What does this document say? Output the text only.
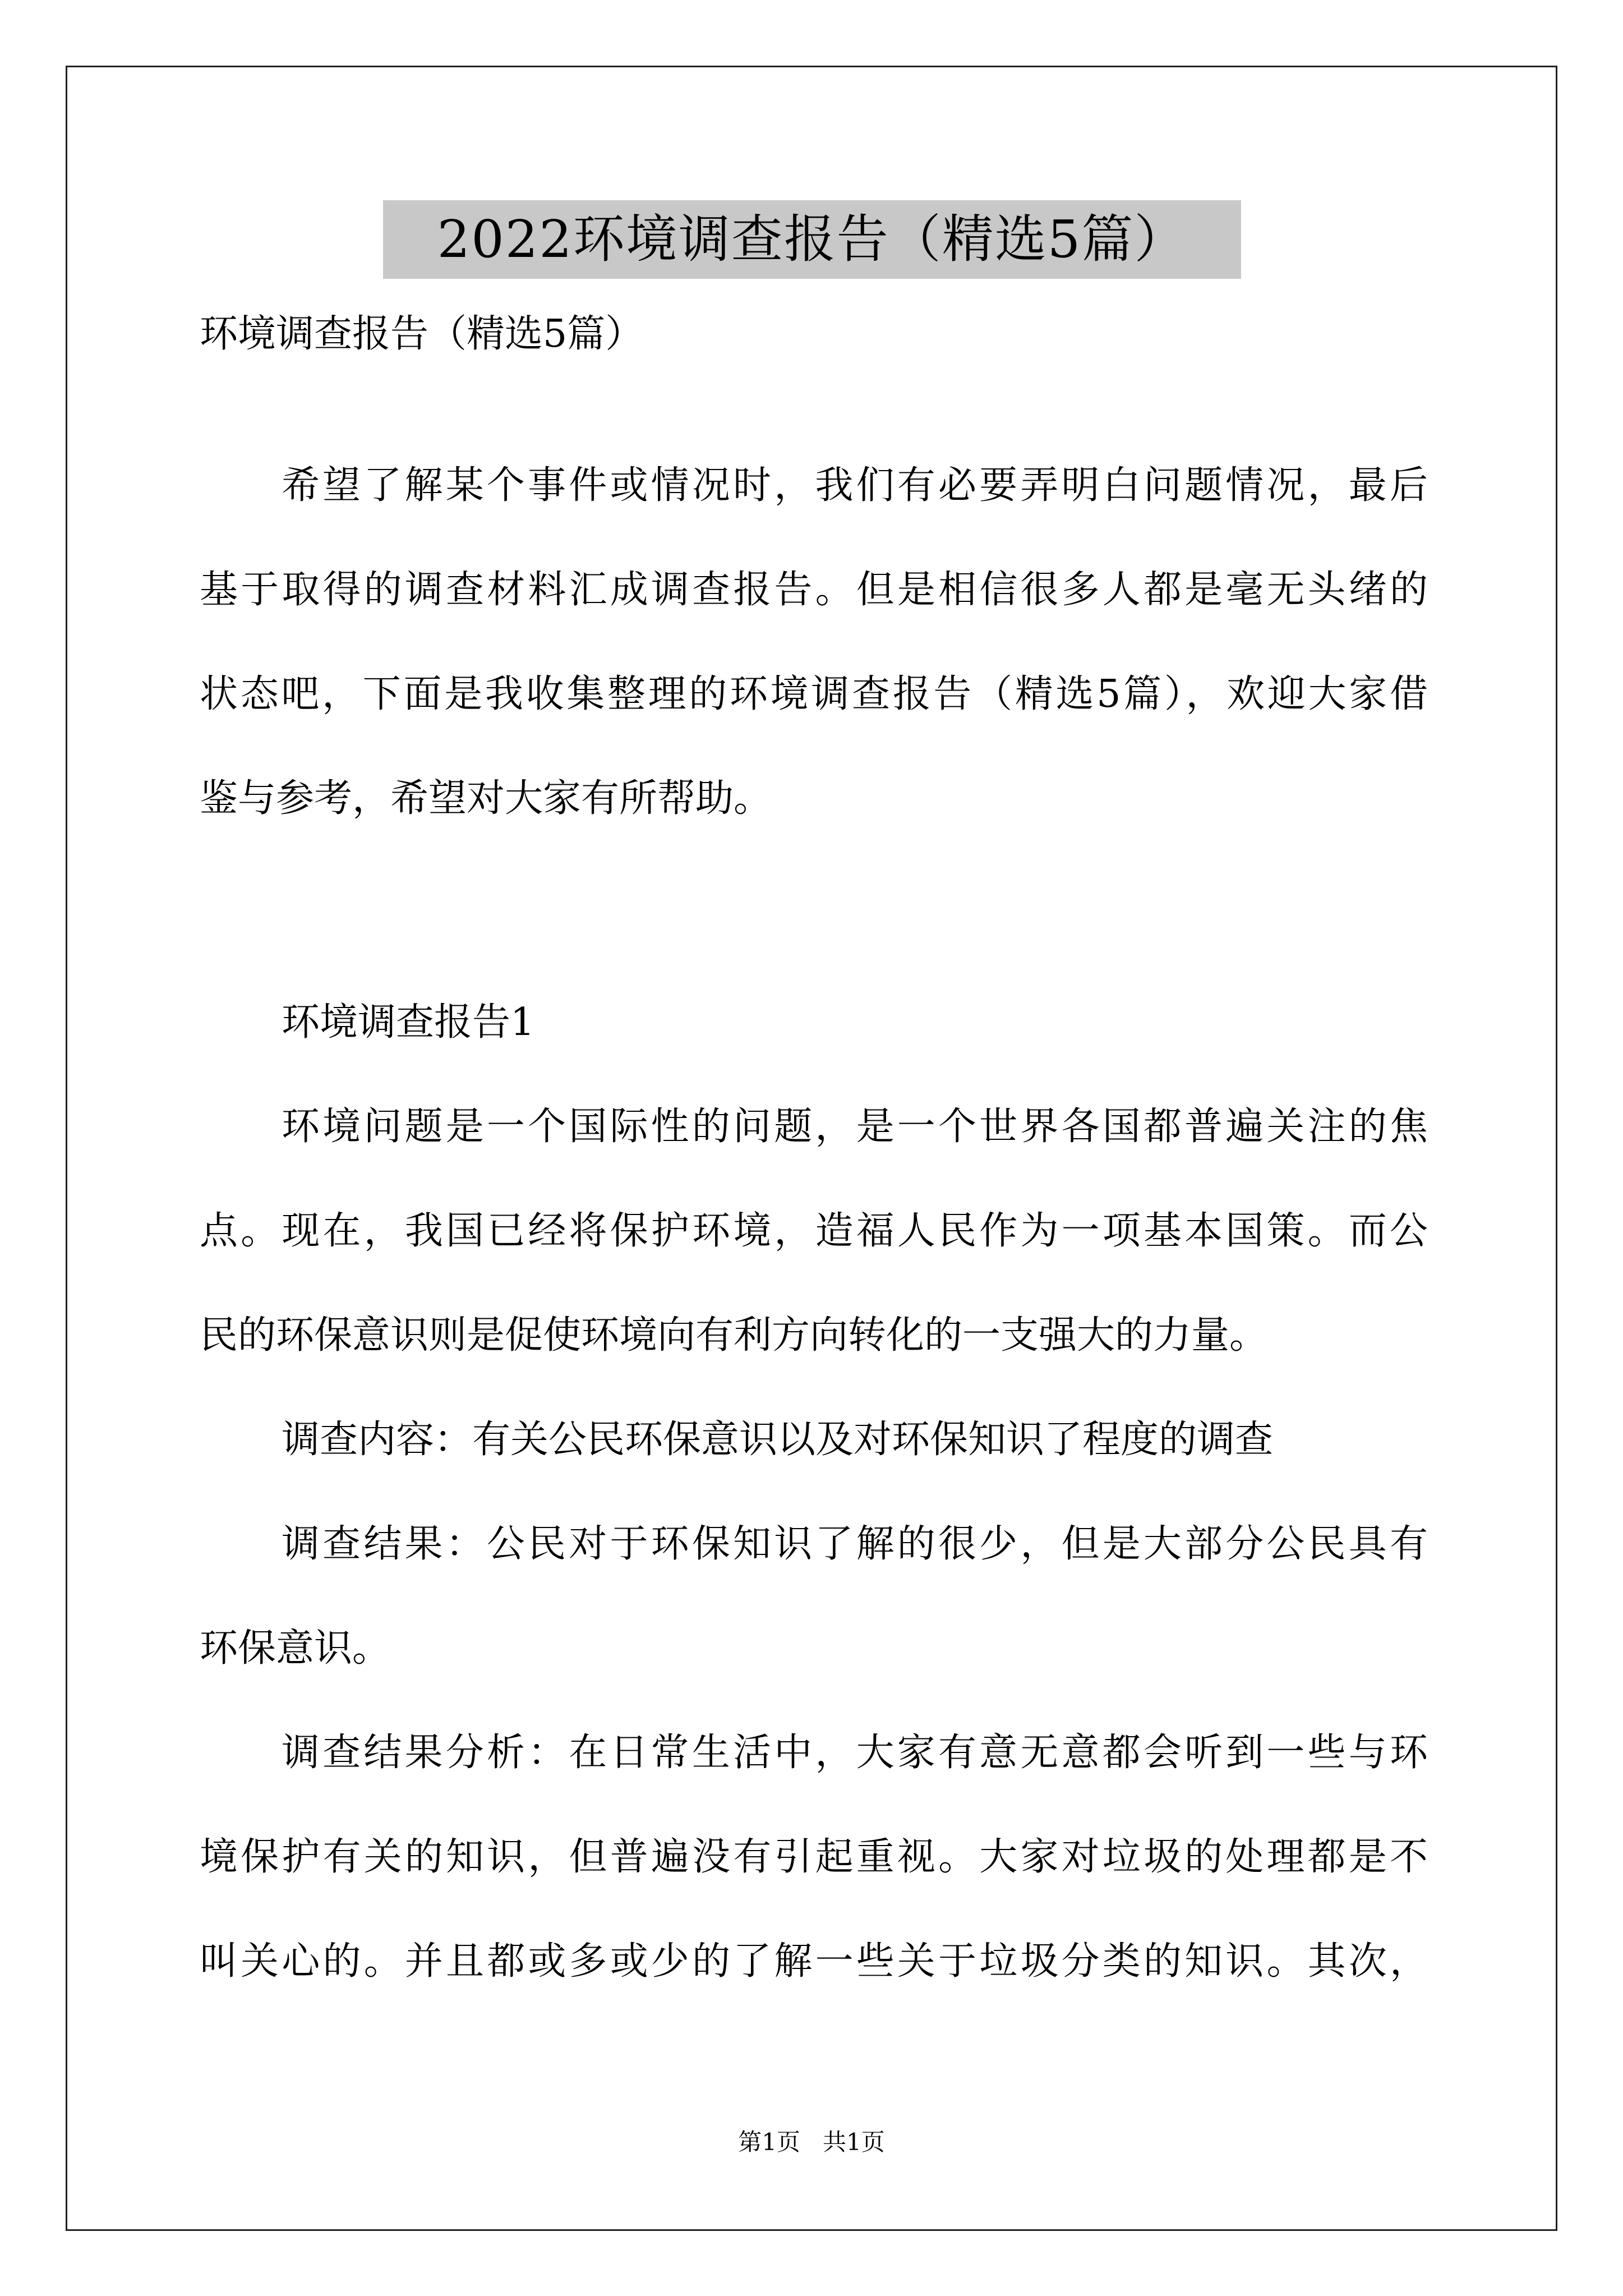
2022环境调查报告（精选5篇）
环境调查报告（精选5篇）
希望了解某个事件或情况时，我们有必要弄明白问题情况，最后
基于取得的调查材料汇成调查报告。但是相信很多人都是毫无头绪的
状态吧，下面是我收集整理的环境调查报告（精选5篇），欢迎大家借
鉴与参考，希望对大家有所帮助。
环境调查报告1
环境问题是一个国际性的问题，是一个世界各国都普遍关注的焦
点。现在，我国已经将保护环境，造福人民作为一项基本国策。而公
民的环保意识则是促使环境向有利方向转化的一支强大的力量。
调查内容：有关公民环保意识以及对环保知识了程度的调查
调查结果：公民对于环保知识了解的很少，但是大部分公民具有
环保意识。
调查结果分析：在日常生活中，大家有意无意都会听到一些与环
境保护有关的知识，但普遍没有引起重视。大家对垃圾的处理都是不
叫关心的。并且都或多或少的了解一些关于垃圾分类的知识。其次，
第1页   共1页
